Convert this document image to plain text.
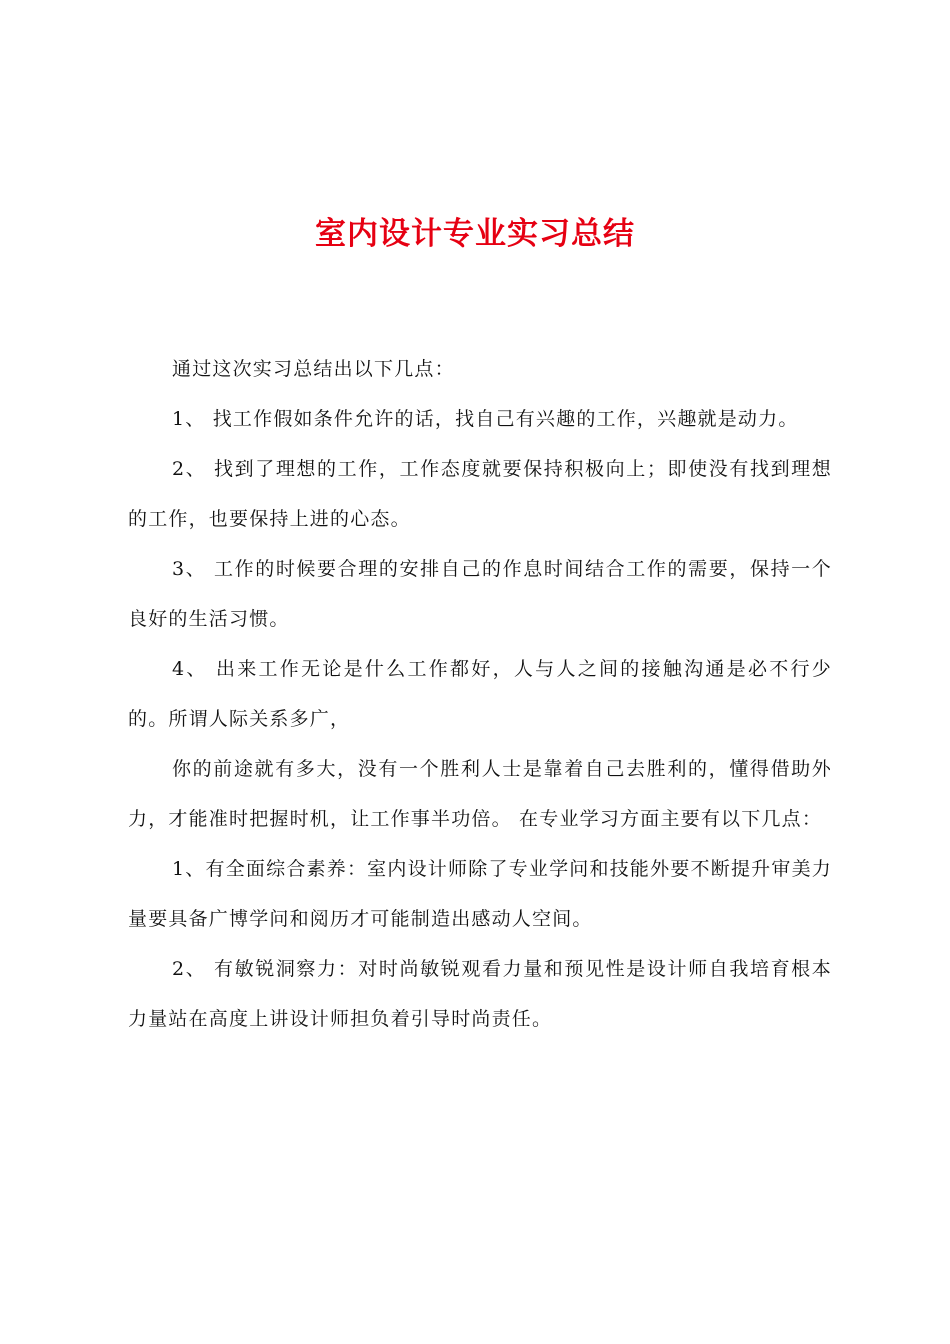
室内设计专业实习总结

通过这次实习总结出以下几点：

1、 找工作假如条件允许的话，找自己有兴趣的工作，兴趣就是动力。

2、 找到了理想的工作，工作态度就要保持积极向上；即使没有找到理想的工作，也要保持上进的心态。

3、 工作的时候要合理的安排自己的作息时间结合工作的需要，保持一个良好的生活习惯。

4、 出来工作无论是什么工作都好，人与人之间的接触沟通是必不行少的。所谓人际关系多广，

你的前途就有多大，没有一个胜利人士是靠着自己去胜利的，懂得借助外力，才能准时把握时机，让工作事半功倍。 在专业学习方面主要有以下几点：

1、有全面综合素养：室内设计师除了专业学问和技能外要不断提升审美力量要具备广博学问和阅历才可能制造出感动人空间。

2、 有敏锐洞察力：对时尚敏锐观看力量和预见性是设计师自我培育根本力量站在高度上讲设计师担负着引导时尚责任。
